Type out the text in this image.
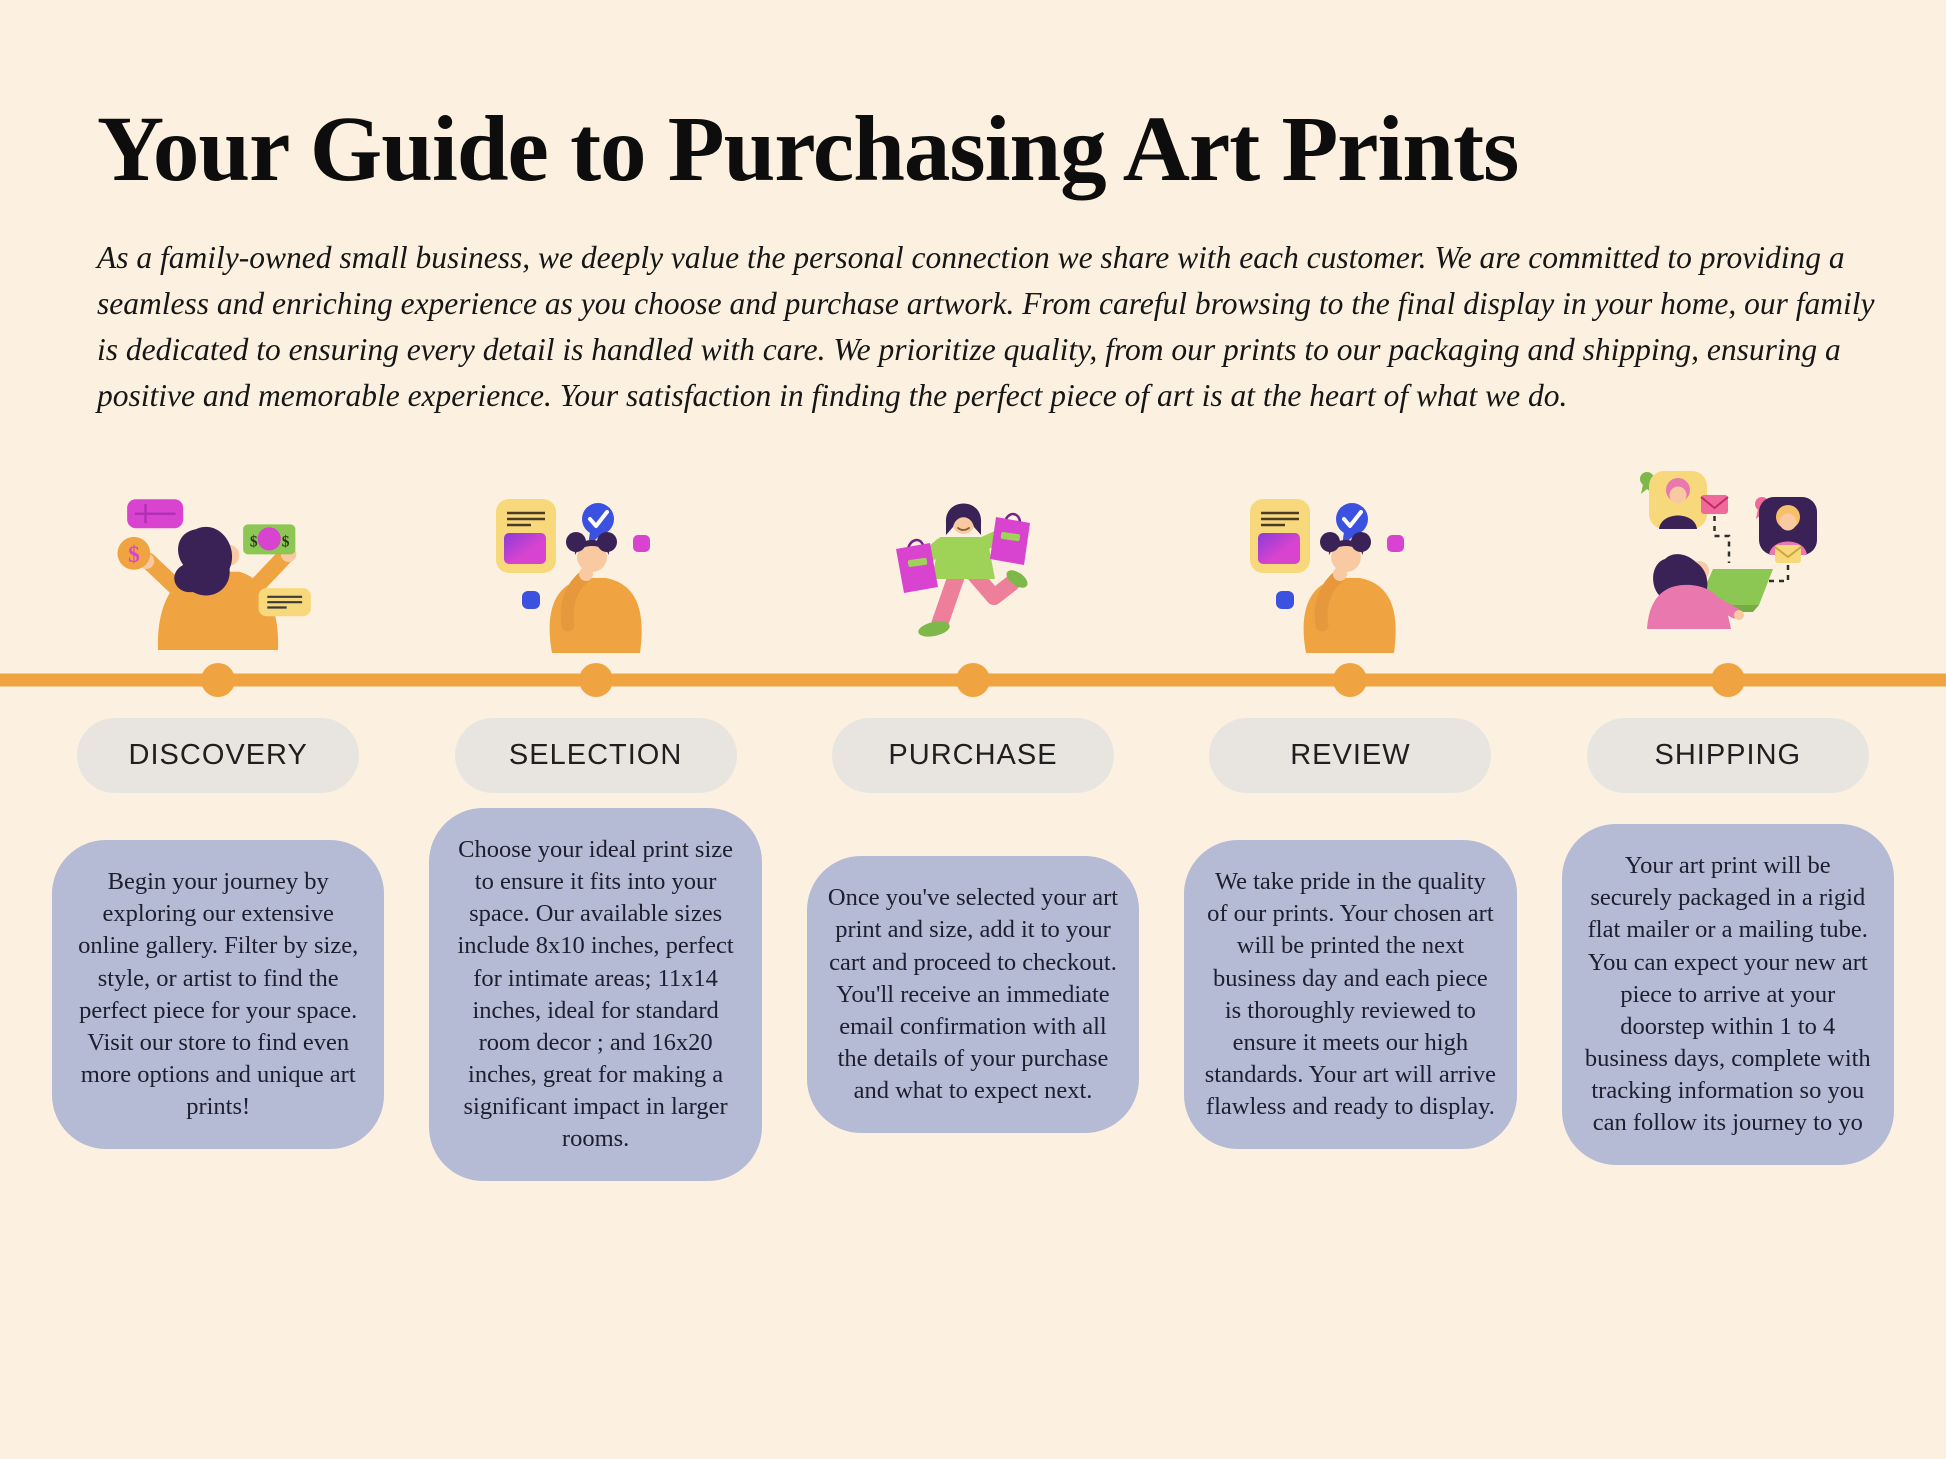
Your Guide to Purchasing Art Prints

As a family-owned small business, we deeply value the personal connection we share with each customer. We are committed to providing a seamless and enriching experience as you choose and purchase artwork. From careful browsing to the final display in your home, our family is dedicated to ensuring every detail is handled with care. We prioritize quality, from our prints to our packaging and shipping, ensuring a positive and memorable experience. Your satisfaction in finding the perfect piece of art is at the heart of what we do.

$	$ $
DISCOVERY	SELECTION	PURCHASE	REVIEW	SHIPPING
Begin your journey by exploring our extensive online gallery. Filter by size, style, or artist to find the perfect piece for your space. Visit our store to find even more options and unique art prints!
Choose your ideal print size to ensure it fits into your space. Our available sizes include 8x10 inches, perfect for intimate areas; 11x14 inches, ideal for standard room decor ; and 16x20 inches, great for making a significant impact in larger rooms.
Once you've selected your art print and size, add it to your cart and proceed to checkout. You'll receive an immediate email confirmation with all the details of your purchase and what to expect next.
We take pride in the quality of our prints. Your chosen art will be printed the next business day and each piece is thoroughly reviewed to ensure it meets our high standards. Your art will arrive flawless and ready to display.
Your art print will be securely packaged in a rigid flat mailer or a mailing tube. You can expect your new art piece to arrive at your doorstep within 1 to 4 business days, complete with tracking information so you can follow its journey to yo
